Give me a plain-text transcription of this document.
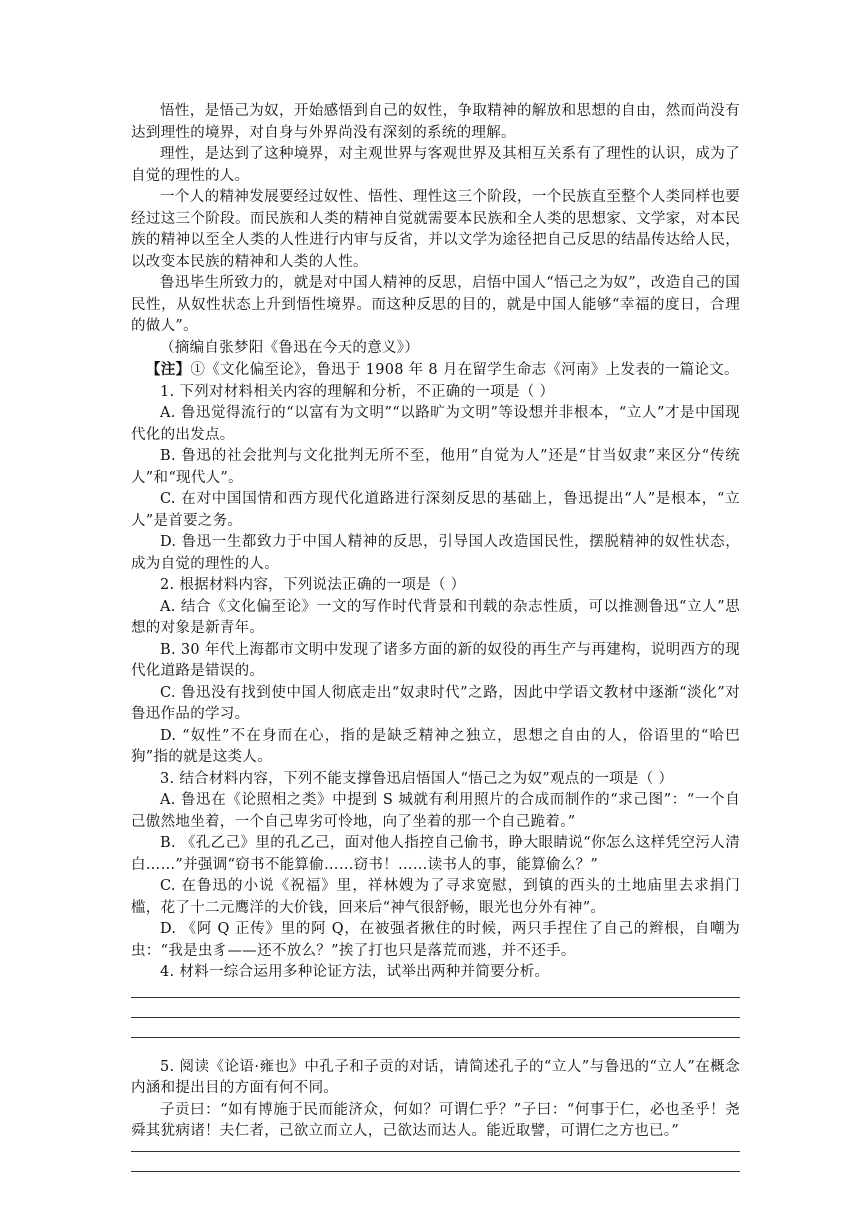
悟性，是悟己为奴，开始感悟到自己的奴性，争取精神的解放和思想的自由，然而尚没有达到理性的境界，对自身与外界尚没有深刻的系统的理解。

理性，是达到了这种境界，对主观世界与客观世界及其相互关系有了理性的认识，成为了自觉的理性的人。

一个人的精神发展要经过奴性、悟性、理性这三个阶段，一个民族直至整个人类同样也要经过这三个阶段。而民族和人类的精神自觉就需要本民族和全人类的思想家、文学家，对本民族的精神以至全人类的人性进行内审与反省，并以文学为途径把自己反思的结晶传达给人民，以改变本民族的精神和人类的人性。

鲁迅毕生所致力的，就是对中国人精神的反思，启悟中国人“悟己之为奴”，改造自己的国民性，从奴性状态上升到悟性境界。而这种反思的目的，就是中国人能够“幸福的度日，合理的做人”。

（摘编自张梦阳《鲁迅在今天的意义》）

【注】①《文化偏至论》，鲁迅于 1908 年 8 月在留学生命志《河南》上发表的一篇论文。

1. 下列对材料相关内容的理解和分析，不正确的一项是（ ）

A. 鲁迅觉得流行的“以富有为文明”“以路旷为文明”等设想并非根本，“立人”才是中国现代化的出发点。

B. 鲁迅的社会批判与文化批判无所不至，他用“自觉为人”还是“甘当奴隶”来区分“传统人”和“现代人”。

C. 在对中国国情和西方现代化道路进行深刻反思的基础上，鲁迅提出“人”是根本，“立人”是首要之务。

D. 鲁迅一生都致力于中国人精神的反思，引导国人改造国民性，摆脱精神的奴性状态，成为自觉的理性的人。

2. 根据材料内容，下列说法正确的一项是（ ）

A. 结合《文化偏至论》一文的写作时代背景和刊载的杂志性质，可以推测鲁迅“立人”思想的对象是新青年。

B. 30 年代上海都市文明中发现了诸多方面的新的奴役的再生产与再建构，说明西方的现代化道路是错误的。

C. 鲁迅没有找到使中国人彻底走出“奴隶时代”之路，因此中学语文教材中逐渐“淡化”对鲁迅作品的学习。

D. “奴性”不在身而在心，指的是缺乏精神之独立，思想之自由的人，俗语里的“哈巴狗”指的就是这类人。

3. 结合材料内容，下列不能支撑鲁迅启悟国人“悟己之为奴”观点的一项是（ ）

A. 鲁迅在《论照相之类》中提到 S 城就有利用照片的合成而制作的“求己图”：“一个自己傲然地坐着，一个自己卑劣可怜地，向了坐着的那一个自己跪着。”

B. 《孔乙己》里的孔乙己，面对他人指控自己偷书，睁大眼睛说“你怎么这样凭空污人清白……”并强调“窃书不能算偷……窃书！……读书人的事，能算偷么？”

C. 在鲁迅的小说《祝福》里，祥林嫂为了寻求宽慰，到镇的西头的土地庙里去求捐门槛，花了十二元鹰洋的大价钱，回来后“神气很舒畅，眼光也分外有神”。

D. 《阿 Q 正传》里的阿 Q，在被强者揪住的时候，两只手捏住了自己的辫根，自嘲为虫：“我是虫豸——还不放么？”挨了打也只是落荒而逃，并不还手。

4. 材料一综合运用多种论证方法，试举出两种并简要分析。

5. 阅读《论语·雍也》中孔子和子贡的对话，请简述孔子的“立人”与鲁迅的“立人”在概念内涵和提出目的方面有何不同。

子贡曰：“如有博施于民而能济众，何如？可谓仁乎？”子曰：“何事于仁，必也圣乎！尧舜其犹病诸！夫仁者，己欲立而立人，己欲达而达人。能近取譬，可谓仁之方也已。”
